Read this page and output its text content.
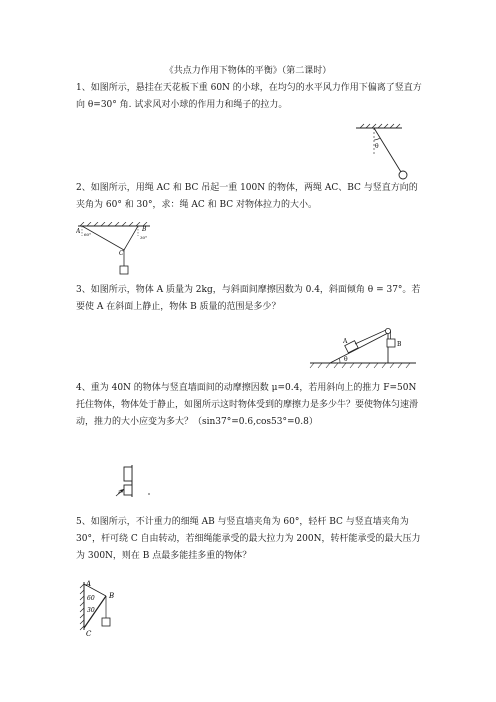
《共点力作用下物体的平衡》（第二课时）

1、如图所示，悬挂在天花板下重 60N 的小球，在均匀的水平风力作用下偏离了竖直方向 θ=30° 角. 试求风对小球的作用力和绳子的拉力。

θ

2、如图所示，用绳 AC 和 BC 吊起一重 100N 的物体，两绳 AC、BC 与竖直方向的夹角为 60° 和 30°，求：绳 AC 和 BC 对物体拉力的大小。

A	B
C
60°
30°

3、如图所示，物体 A 质量为 2kg，与斜面间摩擦因数为 0.4，斜面倾角 θ = 37°。若要使 A 在斜面上静止，物体 B 质量的范围是多少？

A	B
θ

4、重为 40N 的物体与竖直墙面间的动摩擦因数 μ=0.4，若用斜向上的推力 F=50N 托住物体，物体处于静止，如图所示这时物体受到的摩擦力是多少牛？要使物体匀速滑动，推力的大小应变为多大？（sin37°=0.6,cos53°=0.8）

F

5、如图所示，不计重力的细绳 AB 与竖直墙夹角为 60°，轻杆 BC 与竖直墙夹角为 30°，杆可绕 C 自由转动，若细绳能承受的最大拉力为 200N，转杆能承受的最大压力为 300N，则在 B 点最多能挂多重的物体？

A
B
C
60
30
